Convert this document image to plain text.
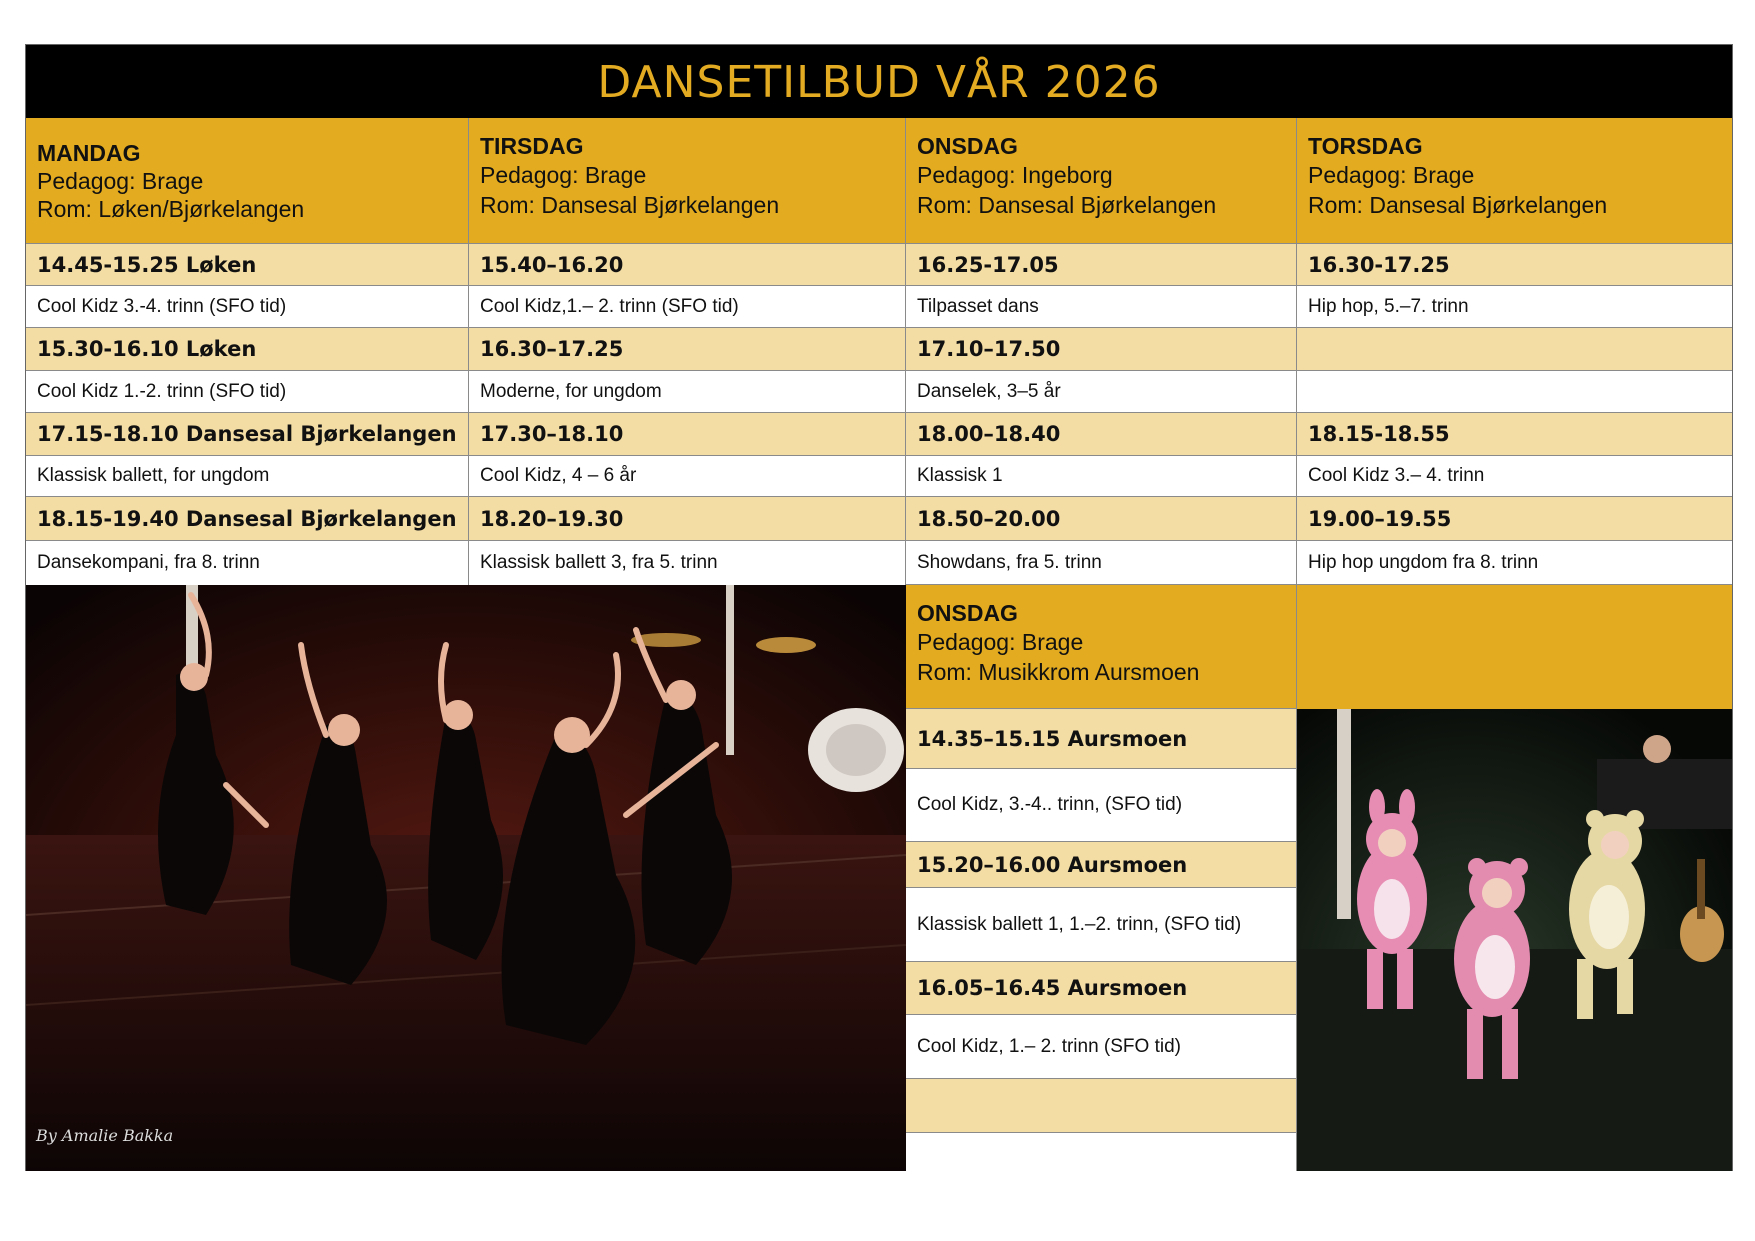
DANSETILBUD VÅR 2026
MANDAG
Pedagog: Brage
Rom: Løken/Bjørkelangen
TIRSDAG
Pedagog: Brage
Rom: Dansesal Bjørkelangen
ONSDAG
Pedagog: Ingeborg
Rom: Dansesal Bjørkelangen
TORSDAG
Pedagog: Brage
Rom: Dansesal Bjørkelangen
14.45-15.25 Løken
Cool Kidz 3.-4. trinn (SFO tid)
15.30-16.10 Løken
Cool Kidz 1.-2. trinn (SFO tid)
17.15-18.10 Dansesal Bjørkelangen
Klassisk ballett, for ungdom
18.15-19.40 Dansesal Bjørkelangen
Dansekompani, fra 8. trinn
15.40–16.20
Cool Kidz,1.– 2. trinn (SFO tid)
16.30–17.25
Moderne, for ungdom
17.30–18.10
Cool Kidz, 4 – 6 år
18.20–19.30
Klassisk ballett 3, fra 5. trinn
16.25-17.05
Tilpasset dans
17.10–17.50
Danselek, 3–5 år
18.00–18.40
Klassisk 1
18.50–20.00
Showdans, fra 5. trinn
16.30-17.25
Hip hop, 5.–7. trinn
18.15-18.55
Cool Kidz 3.– 4. trinn
19.00–19.55
Hip hop ungdom fra 8. trinn
By Amalie Bakka
ONSDAG
Pedagog: Brage
Rom: Musikkrom Aursmoen
14.35–15.15 Aursmoen
Cool Kidz, 3.-4.. trinn, (SFO tid)
15.20–16.00 Aursmoen
Klassisk ballett 1, 1.–2. trinn, (SFO tid)
16.05–16.45 Aursmoen
Cool Kidz, 1.– 2. trinn (SFO tid)
